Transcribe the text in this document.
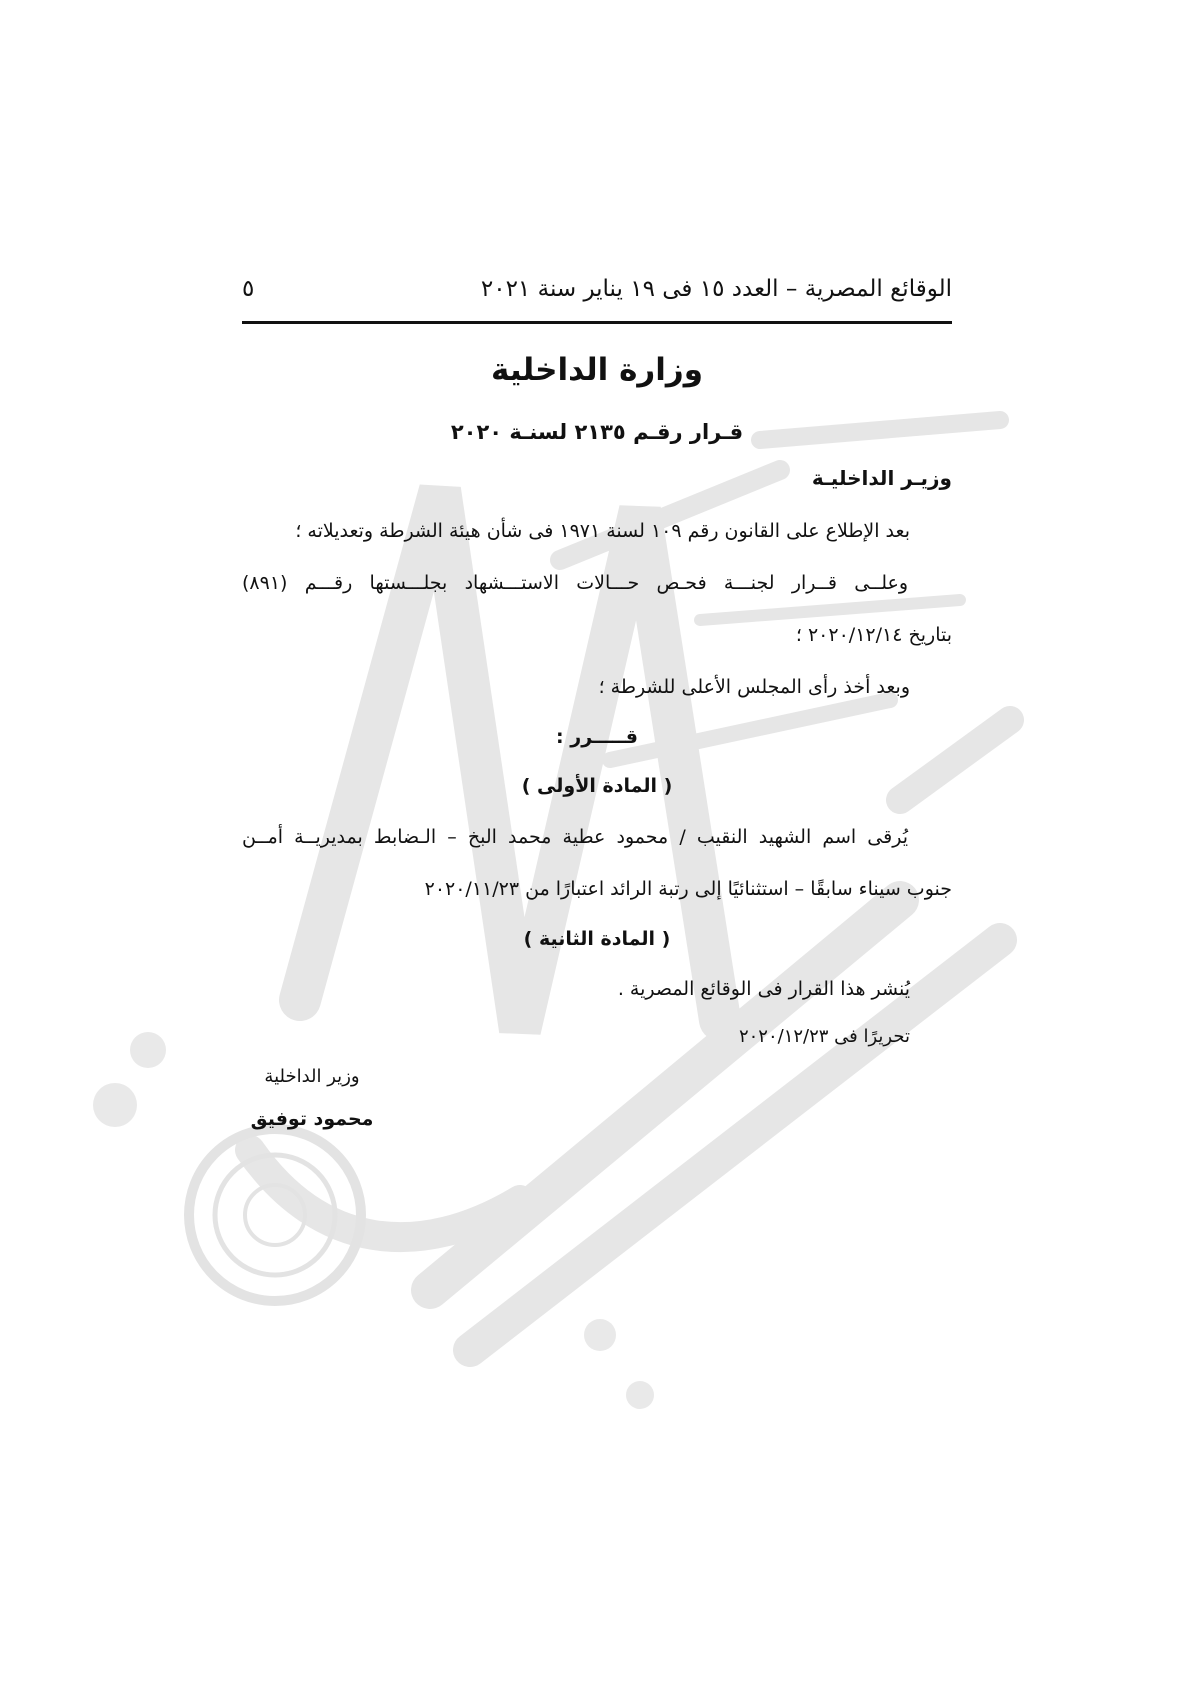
الوقائع المصرية – العدد ١٥ فى ١٩ يناير سنة ٢٠٢١
٥
وزارة الداخلية
قـرار رقـم ٢١٣٥ لسنـة ٢٠٢٠
وزيـر الداخليـة
بعد الإطلاع على القانون رقم ١٠٩ لسنة ١٩٧١ فى شأن هيئة الشرطة وتعديلاته ؛
وعلــى قــرار لجنـــة فحـص حـــالات الاستـــشهاد بجلـــستها رقـــم (٨٩١)
بتاريخ ٢٠٢٠/١٢/١٤ ؛
وبعد أخذ رأى المجلس الأعلى للشرطة ؛
قـــــرر :
( المادة الأولى )
يُرقى اسم الشهيد النقيب / محمود عطية محمد البخ – الـضابط بمديريــة أمــن
جنوب سيناء سابقًا – استثنائيًا إلى رتبة الرائد اعتبارًا من ٢٠٢٠/١١/٢٣
( المادة الثانية )
يُنشر هذا القرار فى الوقائع المصرية .
تحريرًا فى ٢٠٢٠/١٢/٢٣
وزير الداخلية
محمود توفيق
